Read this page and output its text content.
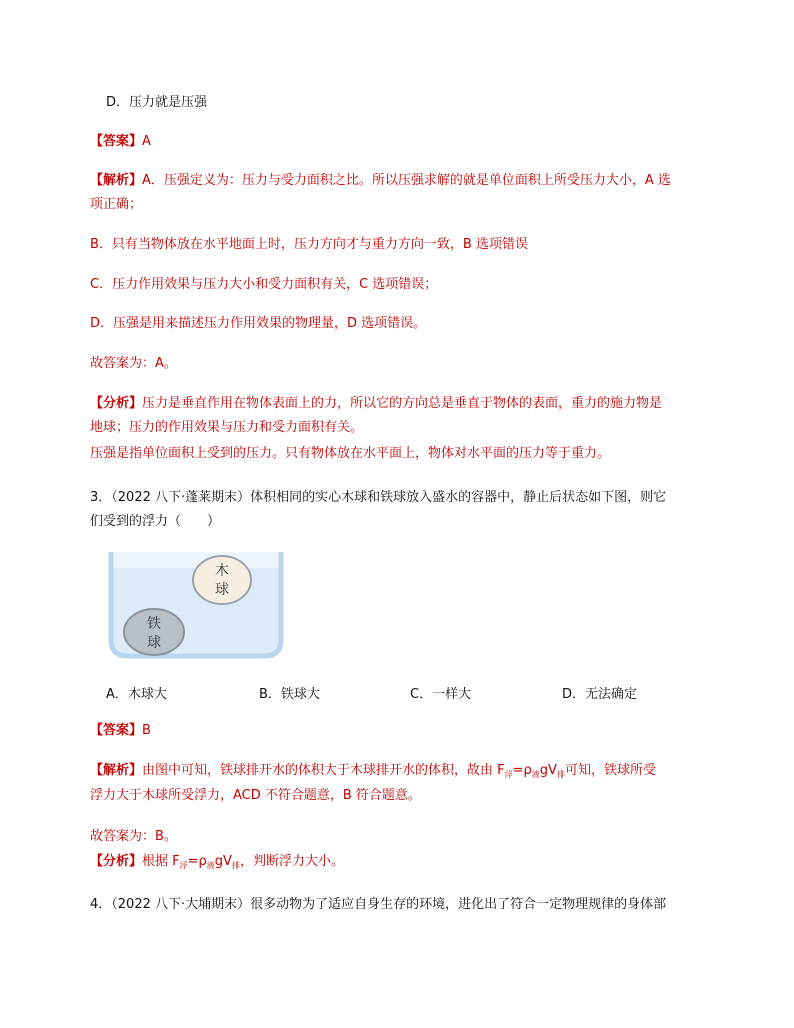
D．压力就是压强
【答案】A
【解析】A．压强定义为：压力与受力面积之比。所以压强求解的就是单位面积上所受压力大小，A 选
项正确；
B．只有当物体放在水平地面上时，压力方向才与重力方向一致，B 选项错误
C．压力作用效果与压力大小和受力面积有关，C 选项错误；
D．压强是用来描述压力作用效果的物理量，D 选项错误。
故答案为：A。
【分析】压力是垂直作用在物体表面上的力，所以它的方向总是垂直于物体的表面，重力的施力物是
地球；压力的作用效果与压力和受力面积有关。
压强是指单位面积上受到的压力。只有物体放在水平面上，物体对水平面的压力等于重力。
3．（2022 八下·蓬莱期末）体积相同的实心木球和铁球放入盛水的容器中，静止后状态如下图，则它
们受到的浮力（　　）
木
球
铁
球
A．木球大	B．铁球大	C．一样大	D．无法确定
【答案】B
【解析】由图中可知，铁球排开水的体积大于木球排开水的体积，故由 $F_浮=\rho_液gV_排$可知，铁球所受
浮力大于木球所受浮力，ACD 不符合题意，B 符合题意。
故答案为：B。
【分析】根据 $F_浮=\rho_液gV_排$，判断浮力大小。
4．（2022 八下·大埔期末）很多动物为了适应自身生存的环境，进化出了符合一定物理规律的身体部
